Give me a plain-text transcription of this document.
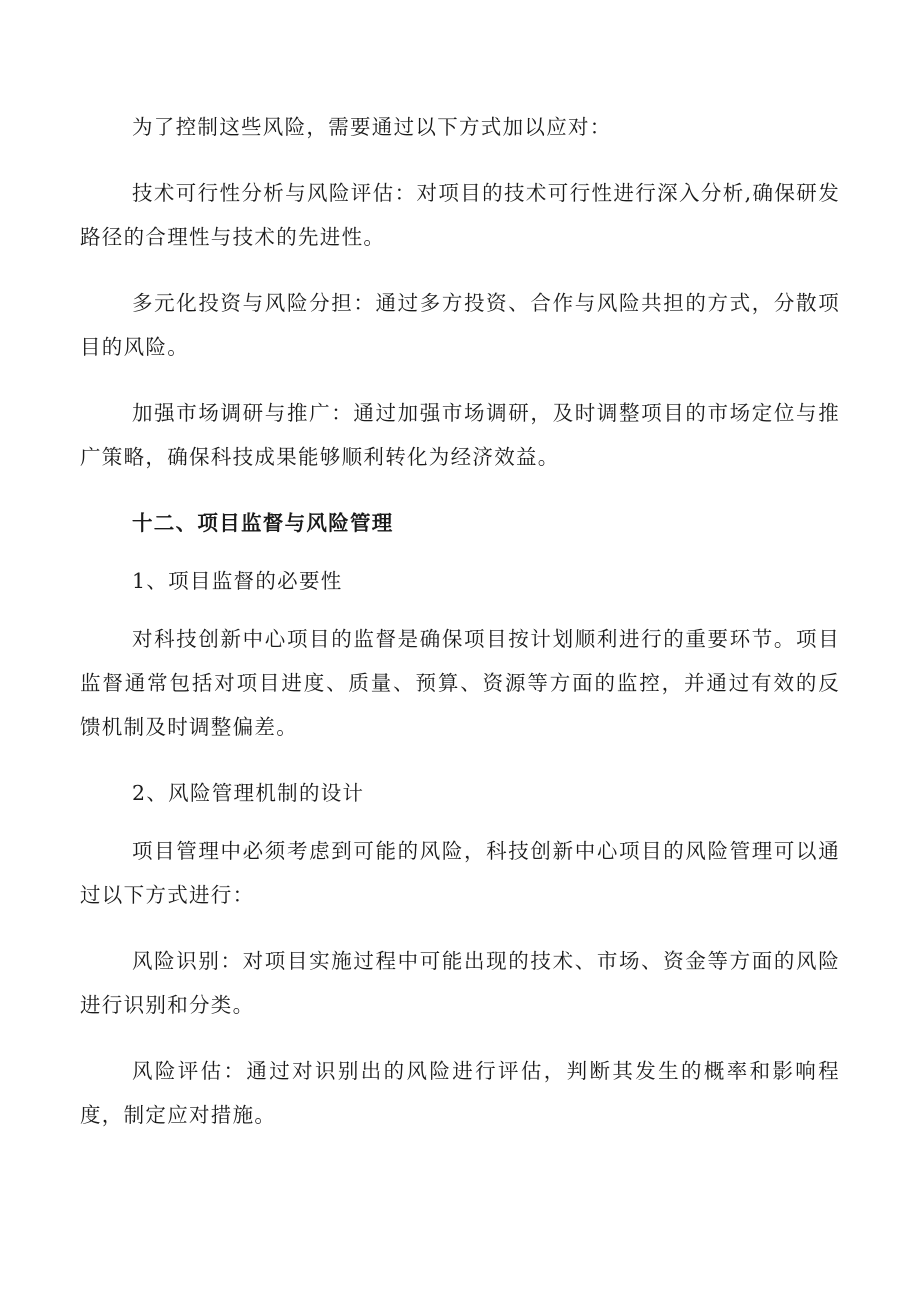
为了控制这些风险，需要通过以下方式加以应对：

技术可行性分析与风险评估：对项目的技术可行性进行深入分析,确保研发路径的合理性与技术的先进性。

多元化投资与风险分担：通过多方投资、合作与风险共担的方式，分散项目的风险。

加强市场调研与推广：通过加强市场调研，及时调整项目的市场定位与推广策略，确保科技成果能够顺利转化为经济效益。

十二、项目监督与风险管理

1、项目监督的必要性

对科技创新中心项目的监督是确保项目按计划顺利进行的重要环节。项目监督通常包括对项目进度、质量、预算、资源等方面的监控，并通过有效的反馈机制及时调整偏差。

2、风险管理机制的设计

项目管理中必须考虑到可能的风险，科技创新中心项目的风险管理可以通过以下方式进行：

风险识别：对项目实施过程中可能出现的技术、市场、资金等方面的风险进行识别和分类。

风险评估：通过对识别出的风险进行评估，判断其发生的概率和影响程度，制定应对措施。
